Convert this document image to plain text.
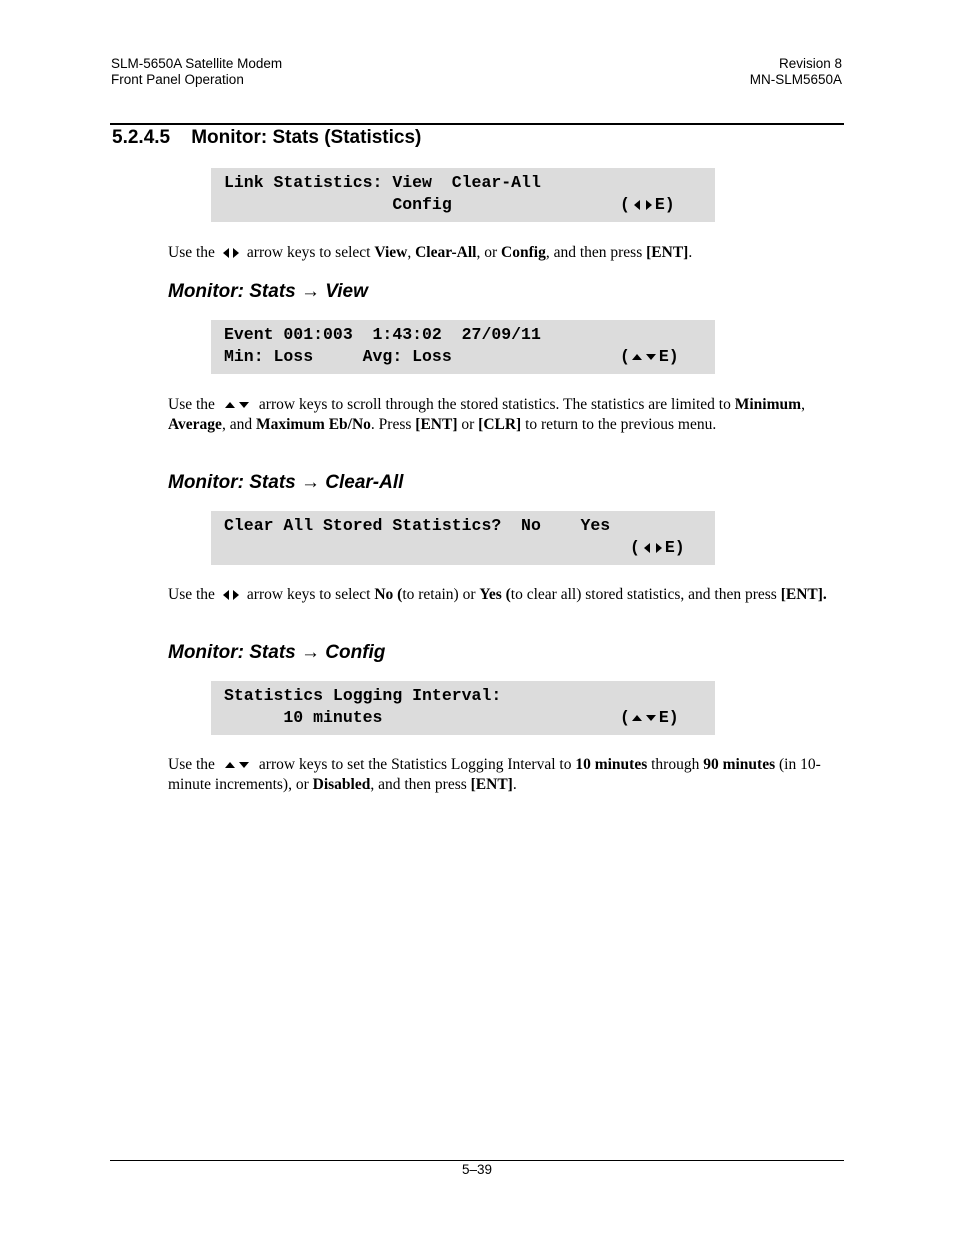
SLM-5650A Satellite Modem
Front Panel Operation
Revision 8
MN-SLM5650A
5.2.4.5 Monitor: Stats (Statistics)

Link Statistics: View  Clear-All

Config

	( E)

Use the arrow keys to select View, Clear-All, or Config, and then press [ENT].
Monitor: Stats → View

Event 001:003  1:43:02  27/09/11

Min: Loss     Avg: Loss

	( E)

Use the	arrow keys to scroll through the stored statistics. The statistics are limited to Minimum, Average, and Maximum Eb/No. Press [ENT] or [CLR] to return to the previous menu.
Monitor: Stats → Clear-All

Clear All Stored Statistics?  No    Yes

( E)

Use the arrow keys to select No (to retain) or Yes (to clear all) stored statistics, and then press [ENT].
Monitor: Stats → Config

Statistics Logging Interval:

10 minutes

	( E)

Use the	arrow keys to set the Statistics Logging Interval to 10 minutes through 90 minutes (in 10-minute increments), or Disabled, and then press [ENT].
5–39
